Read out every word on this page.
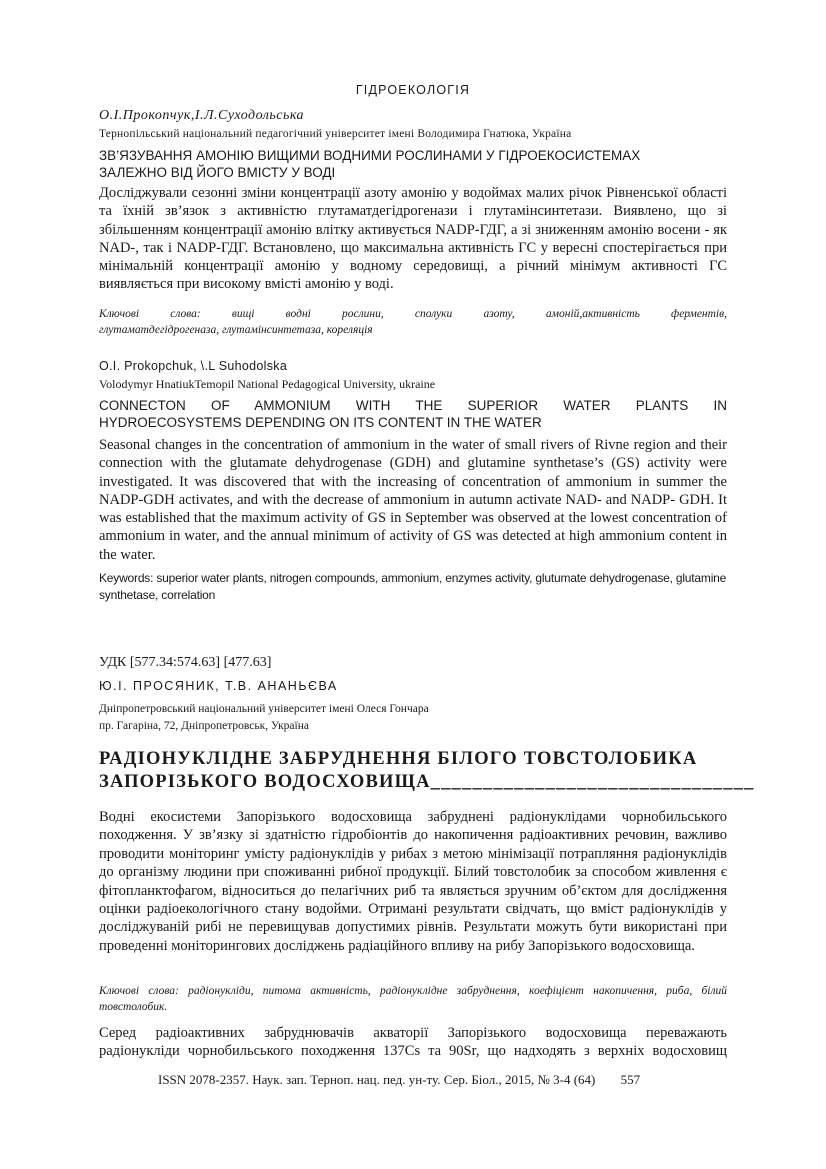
ГІДРОЕКОЛОГІЯ
О.І.Прокопчук,І.Л.Суходольська
Тернопільський національний педагогічний університет імені Володимира Гнатюка, Україна
ЗВ’ЯЗУВАННЯ АМОНІЮ ВИЩИМИ ВОДНИМИ РОСЛИНАМИ У ГІДРОЕКОСИСТЕМАХ
ЗАЛЕЖНО ВІД ЙОГО ВМІСТУ У ВОДІ

Досліджували сезонні зміни концентрації азоту амонію у водоймах малих річок Рівненської області та їхній зв’язок з активністю глутаматдегідрогенази і глутамінсинтетази. Виявлено, що зі збільшенням концентрації амонію влітку активується NADP-ГДГ, а зі зниженням амонію восени - як NAD-, так і NADP-ГДГ. Встановлено, що максимальна активність ГС у вересні спостерігається при мінімальній концентрації амонію у водному середовищі, а річний мінімум активності ГС виявляється при високому вмісті амонію у воді.

Ключові слова: вищі водні рослини, сполуки азоту, амоній,активність ферментів,
глутаматдегідрогеназа, глутамінсинтетаза, кореляція
O.I. Prokopchuk, \.L Suhodolska
Volodymyr HnatiukTemopil National Pedagogical University, ukraine
CONNECTON OF AMMONIUM WITH THE SUPERIOR WATER PLANTS IN
HYDROECOSYSTEMS DEPENDING ON ITS CONTENT IN THE WATER

Seasonal changes in the concentration of ammonium in the water of small rivers of Rivne region and their connection with the glutamate dehydrogenase (GDH) and glutamine synthetase’s (GS) activity were investigated. It was discovered that with the increasing of concentration of ammonium in summer the NADP-GDH activates, and with the decrease of ammonium in autumn activate NAD- and NADP- GDH. It was established that the maximum activity of GS in September was observed at the lowest concentration of ammonium in water, and the annual minimum of activity of GS was detected at high ammonium content in the water.

Keywords: superior water plants, nitrogen compounds, ammonium, enzymes activity, glutumate dehydrogenase, glutamine synthetase, correlation

УДК [577.34:574.63] [477.63]
Ю.І. ПРОСЯНИК, Т.В. АНАНЬЄВА
Дніпропетровський національний університет імені Олеся Гончара
пр. Гагаріна, 72, Дніпропетровськ, Україна
РАДІОНУКЛІДНЕ ЗАБРУДНЕННЯ БІЛОГО ТОВСТОЛОБИКА
ЗАПОРІЗЬКОГО ВОДОСХОВИЩА_______________________________

Водні екосистеми Запорізького водосховища забруднені радіонуклідами чорнобильського походження. У зв’язку зі здатністю гідробіонтів до накопичення радіоактивних речовин, важливо проводити моніторинг умісту радіонуклідів у рибах з метою мінімізації потрапляння радіонуклідів до організму людини при споживанні рибної продукції. Білий товстолобик за способом живлення є фітопланктофагом, відноситься до пелагічних риб та являється зручним об’єктом для дослідження оцінки радіоекологічного стану водойми. Отримані результати свідчать, що вміст радіонуклідів у досліджуваній рибі не перевищував допустимих рівнів. Результати можуть бути використані при проведенні моніторингових досліджень радіаційного впливу на рибу Запорізького водосховища.

Ключові слова: радіонукліди, питома активність, радіонуклідне забруднення, коефіцієнт накопичення, риба, білий товстолобик.

Серед радіоактивних забруднювачів акваторії Запорізького водосховища переважають
радіонукліди чорнобильського походження 137Cs та 90Sr, що надходять з верхніх водосховищ
ISSN 2078-2357. Наук. зап. Терноп. нац. пед. ун-ту. Сер. Біол., 2015, № 3-4 (64) 557
